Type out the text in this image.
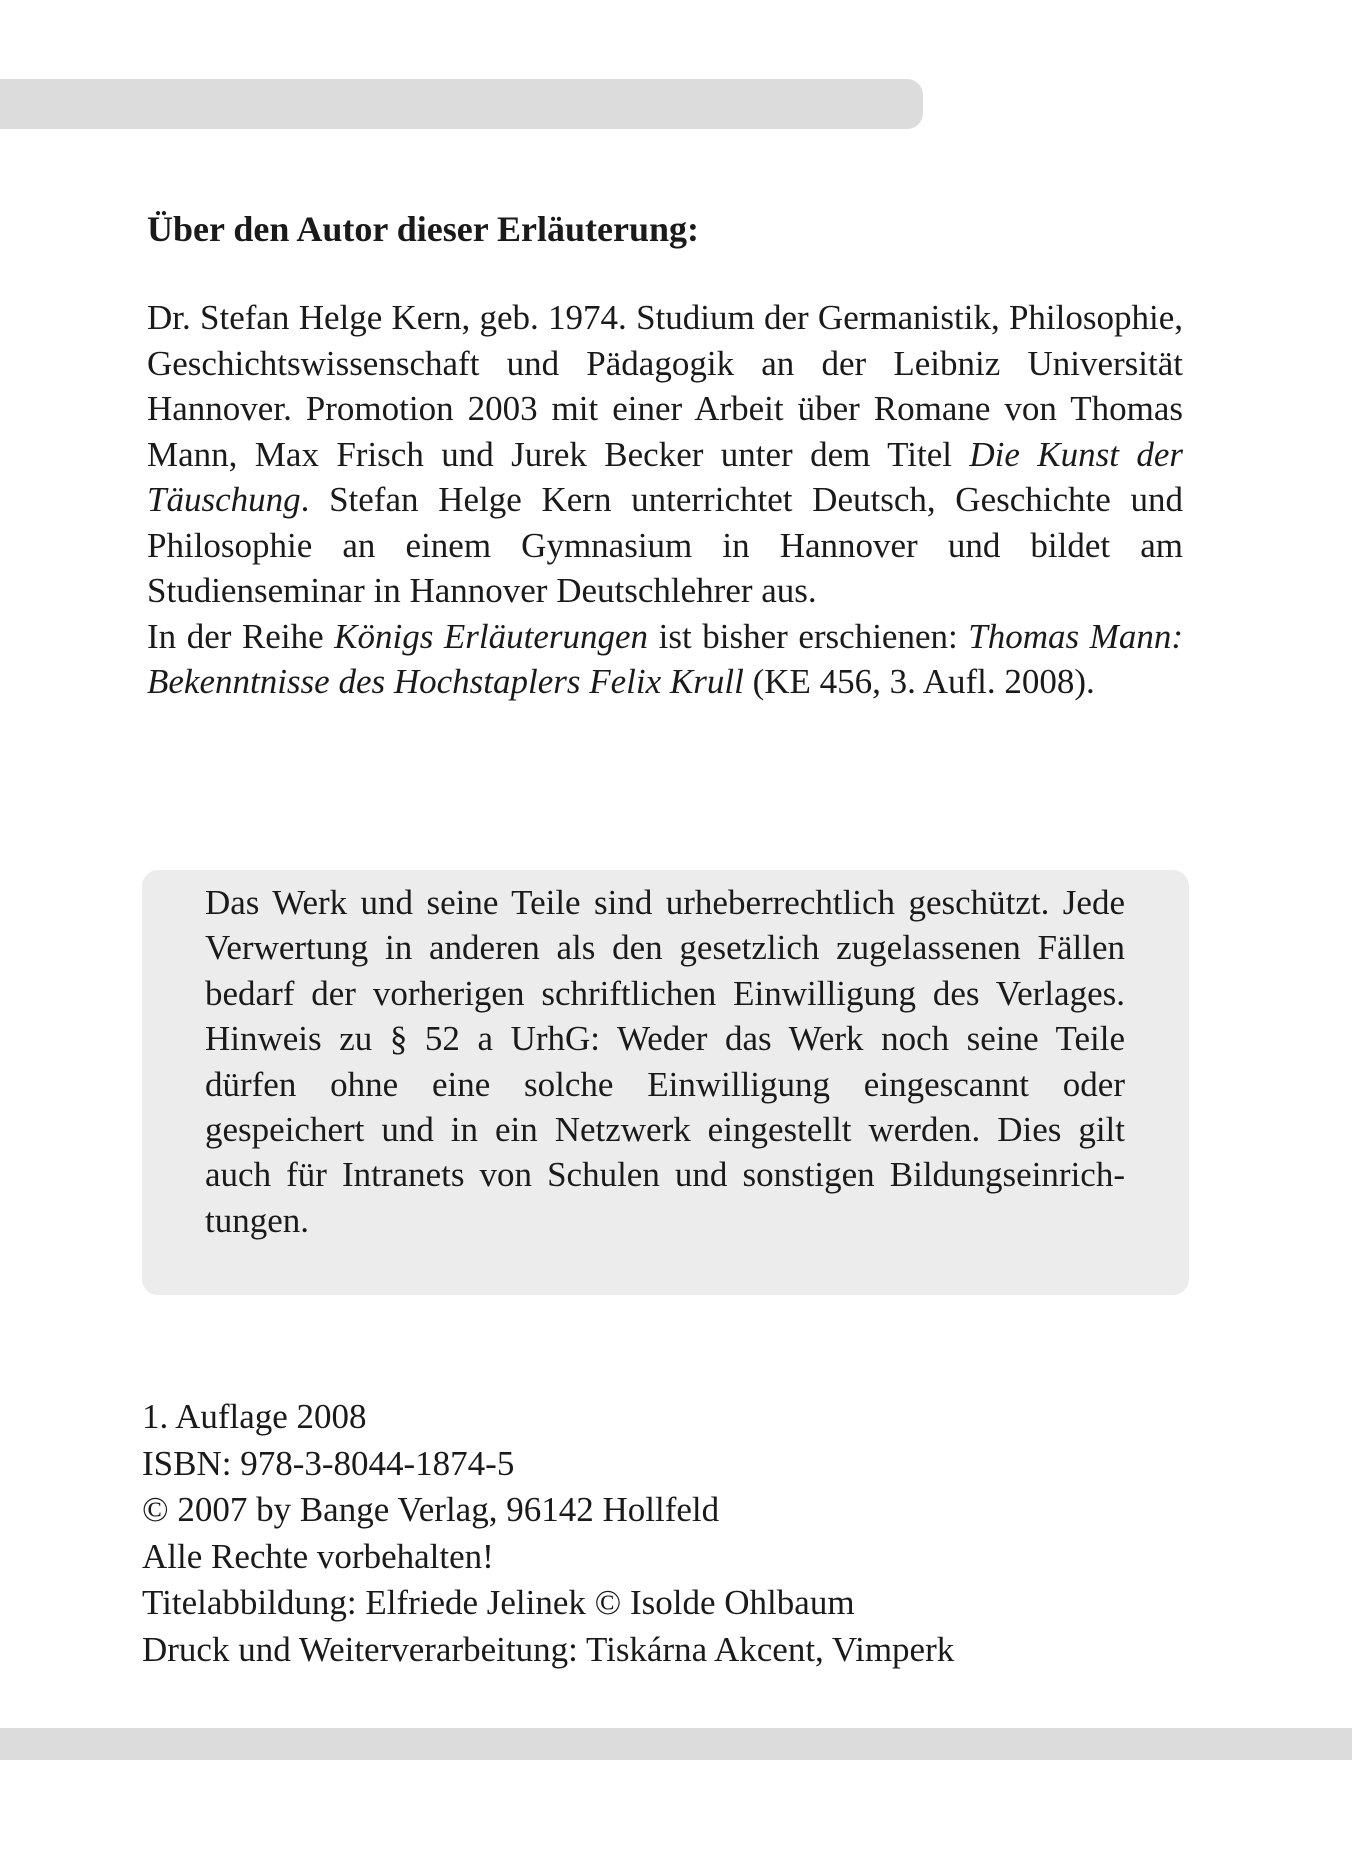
Über den Autor dieser Erläuterung:
Dr. Stefan Helge Kern, geb. 1974. Studium der Germanistik, Philosophie, Geschichtswissenschaft und Pädagogik an der Leibniz Universität Hannover. Promotion 2003 mit einer Arbeit über Romane von Thomas Mann, Max Frisch und Jurek Becker unter dem Titel Die Kunst der Täuschung. Stefan Helge Kern unterrichtet Deutsch, Geschichte und Philosophie an einem Gymnasium in Hannover und bildet am Studienseminar in Hannover Deutschlehrer aus.
In der Reihe Königs Erläuterungen ist bisher erschienen: Thomas Mann: Bekenntnisse des Hochstaplers Felix Krull (KE 456, 3. Aufl. 2008).

Das Werk und seine Teile sind urheberrechtlich geschützt. Jede Verwertung in anderen als den gesetzlich zugelassenen Fällen bedarf der vorherigen schriftlichen Einwilligung des Verlages. Hinweis zu § 52 a UrhG: Weder das Werk noch seine Teile dürfen ohne eine solche Einwilligung eingescannt oder gespeichert und in ein Netzwerk eingestellt werden. Dies gilt auch für Intranets von Schulen und sonstigen Bildungseinrichtungen.

1. Auflage 2008
ISBN: 978-3-8044-1874-5
© 2007 by Bange Verlag, 96142 Hollfeld
Alle Rechte vorbehalten!
Titelabbildung: Elfriede Jelinek © Isolde Ohlbaum
Druck und Weiterverarbeitung: Tiskárna Akcent, Vimperk
